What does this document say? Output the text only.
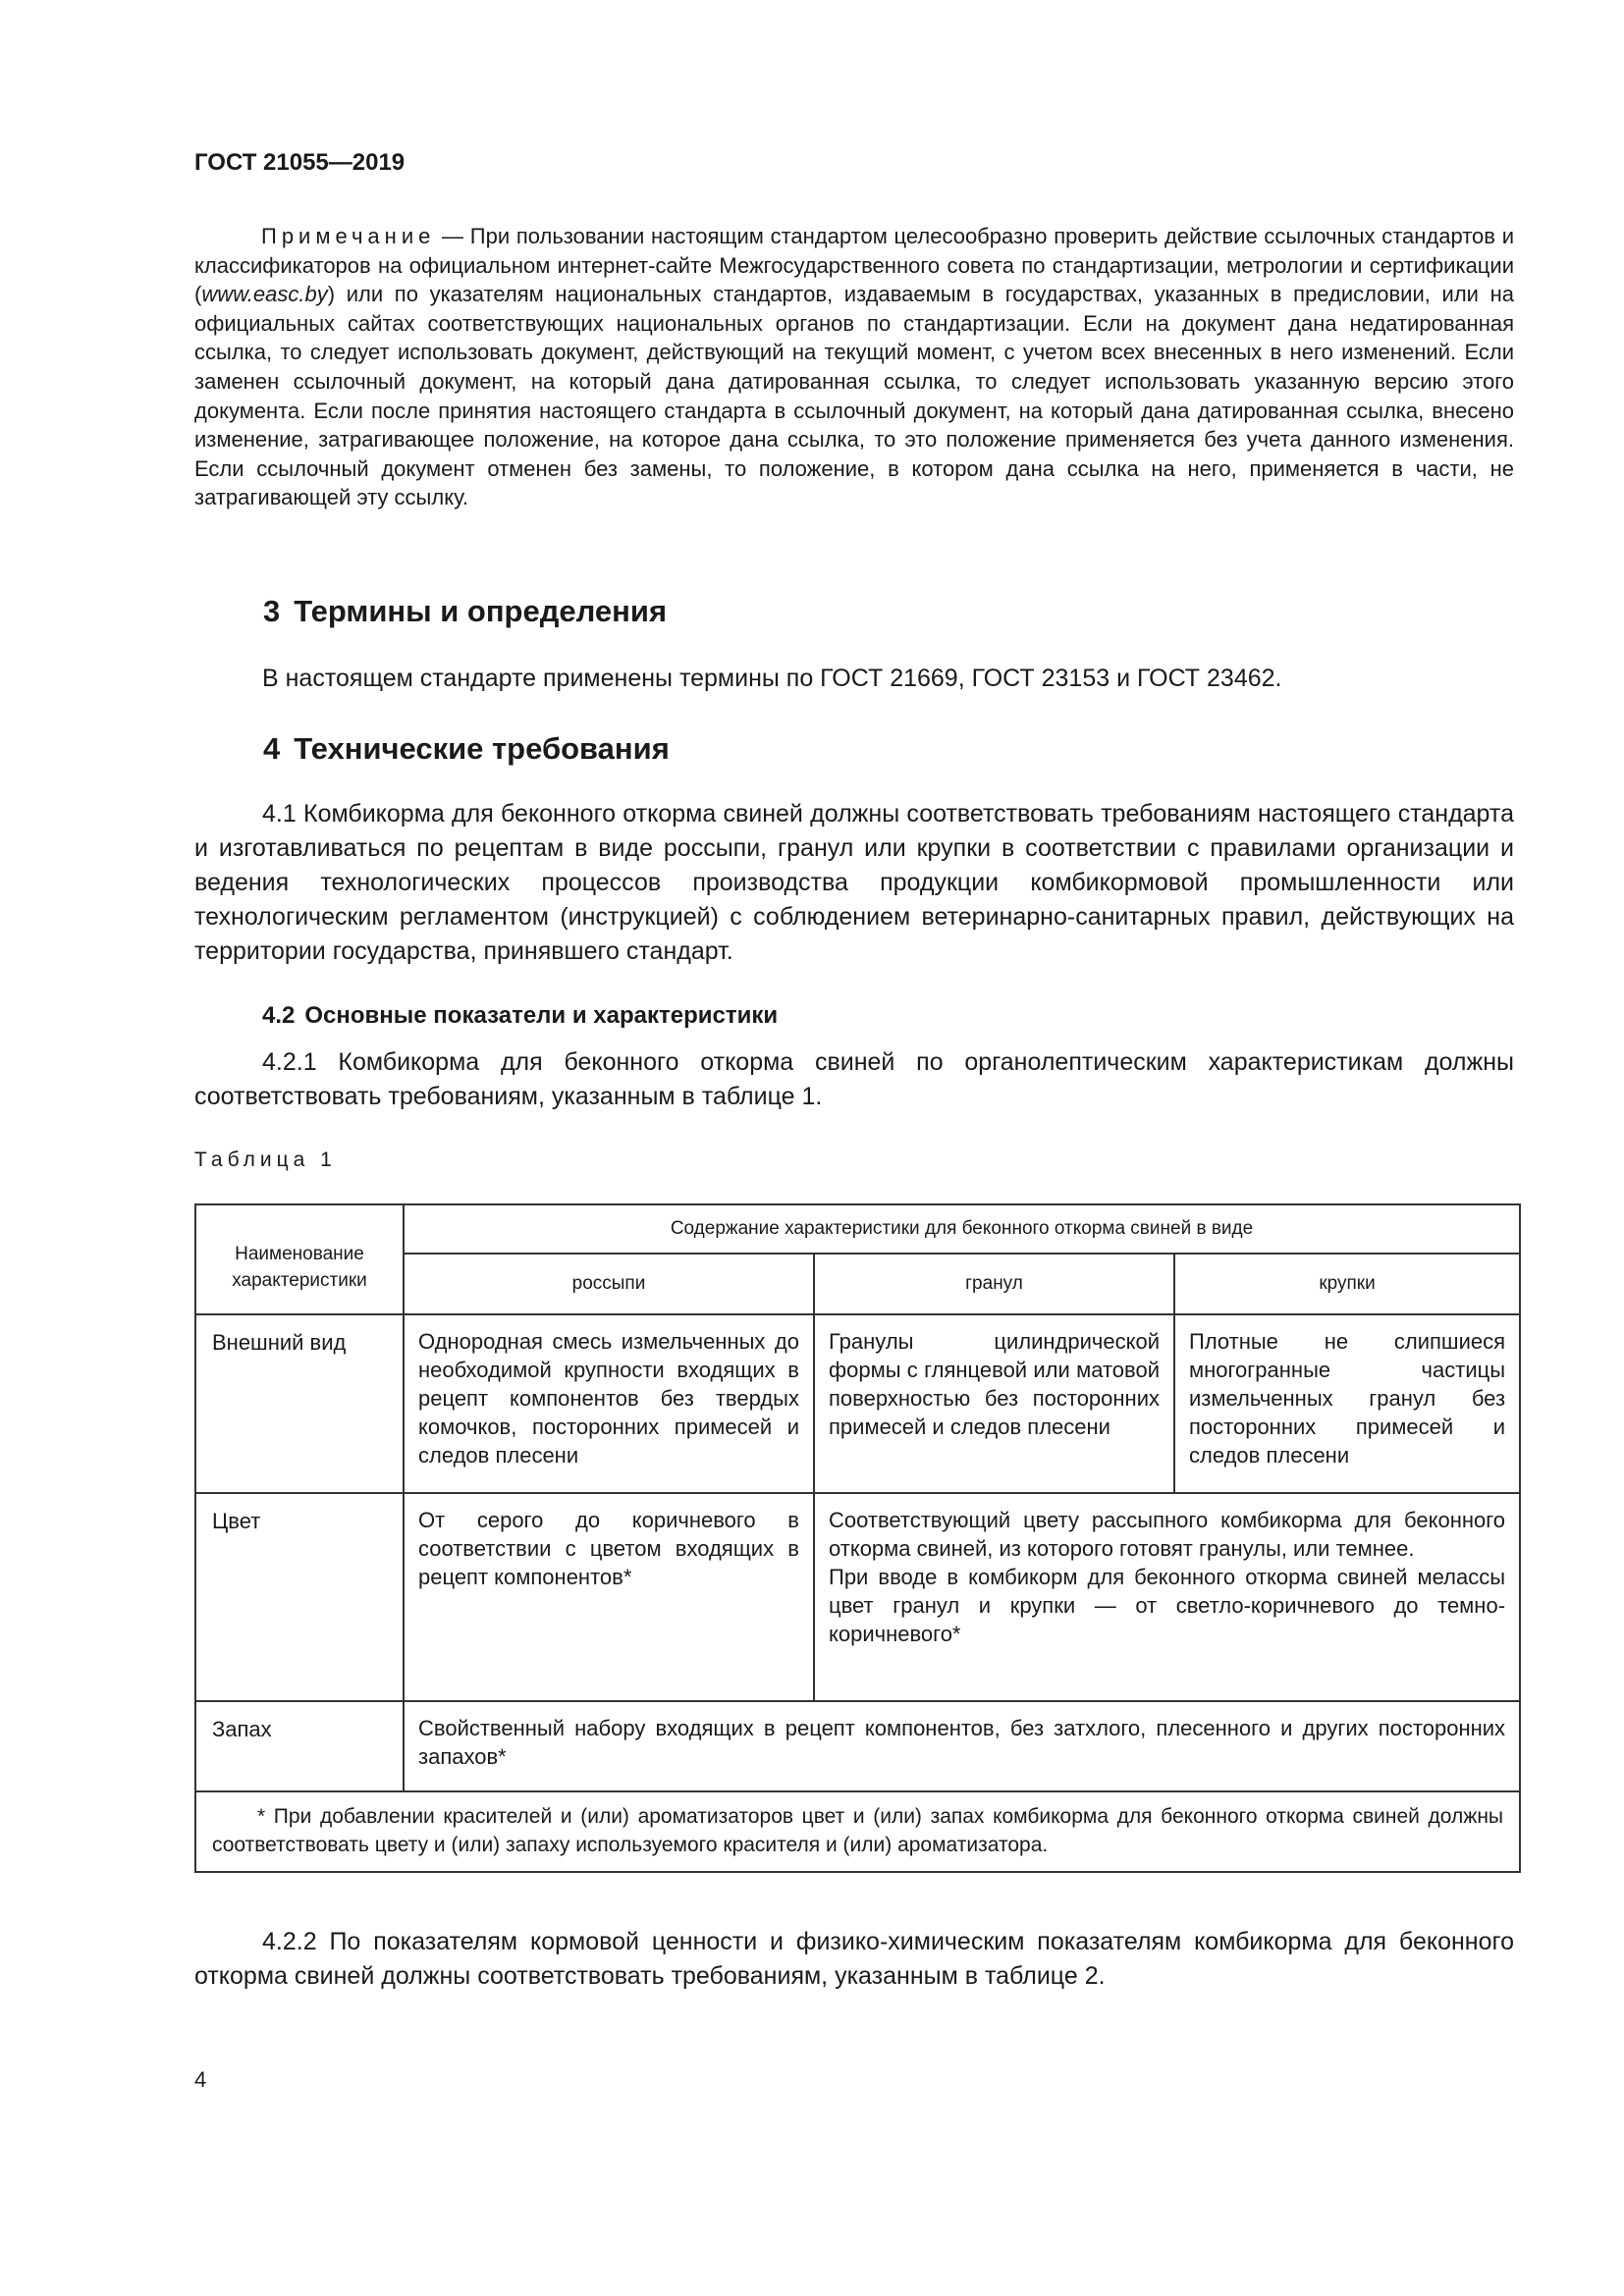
ГОСТ 21055—2019

Примечание — При пользовании настоящим стандартом целесообразно проверить действие ссылочных стандартов и классификаторов на официальном интернет-сайте Межгосударственного совета по стандартизации, метрологии и сертификации (www.easc.by) или по указателям национальных стандартов, издаваемым в государствах, указанных в предисловии, или на официальных сайтах соответствующих национальных органов по стандартизации. Если на документ дана недатированная ссылка, то следует использовать документ, действующий на текущий момент, с учетом всех внесенных в него изменений. Если заменен ссылочный документ, на который дана датированная ссылка, то следует использовать указанную версию этого документа. Если после принятия настоящего стандарта в ссылочный документ, на который дана датированная ссылка, внесено изменение, затрагивающее положение, на которое дана ссылка, то это положение применяется без учета данного изменения. Если ссылочный документ отменен без замены, то положение, в котором дана ссылка на него, применяется в части, не затрагивающей эту ссылку.

3 Термины и определения

В настоящем стандарте применены термины по ГОСТ 21669, ГОСТ 23153 и ГОСТ 23462.

4 Технические требования

4.1 Комбикорма для беконного откорма свиней должны соответствовать требованиям настоящего стандарта и изготавливаться по рецептам в виде россыпи, гранул или крупки в соответствии с правилами организации и ведения технологических процессов производства продукции комбикормовой промышленности или технологическим регламентом (инструкцией) с соблюдением ветеринарно-санитарных правил, действующих на территории государства, принявшего стандарт.

4.2 Основные показатели и характеристики

4.2.1 Комбикорма для беконного откорма свиней по органолептическим характеристикам должны соответствовать требованиям, указанным в таблице 1.

Таблица 1

Наименование характеристики	Содержание характеристики для беконного откорма свиней в виде		

	россыпи	гранул	крупки

Внешний вид	Однородная смесь измельченных до необходимой крупности входящих в рецепт компонентов без твердых комочков, посторонних примесей и следов плесени	Гранулы цилиндрической формы с глянцевой или матовой поверхностью без посторонних примесей и следов плесени	Плотные не слипшиеся многогранные частицы измельченных гранул без посторонних примесей и следов плесени

Цвет	От серого до коричневого в соответствии с цветом входящих в рецепт компонентов*	Соответствующий цвету рассыпного комбикорма для беконного откорма свиней, из которого готовят гранулы, или темнее.
При вводе в комбикорм для беконного откорма свиней мелассы цвет гранул и крупки — от светло-коричневого до темно-коричневого*	

Запах	Свойственный набору входящих в рецепт компонентов, без затхлого, плесенного и других посторонних запахов*		

* При добавлении красителей и (или) ароматизаторов цвет и (или) запах комбикорма для беконного откорма свиней должны соответствовать цвету и (или) запаху используемого красителя и (или) ароматизатора.			

4.2.2 По показателям кормовой ценности и физико-химическим показателям комбикорма для беконного откорма свиней должны соответствовать требованиям, указанным в таблице 2.

4
